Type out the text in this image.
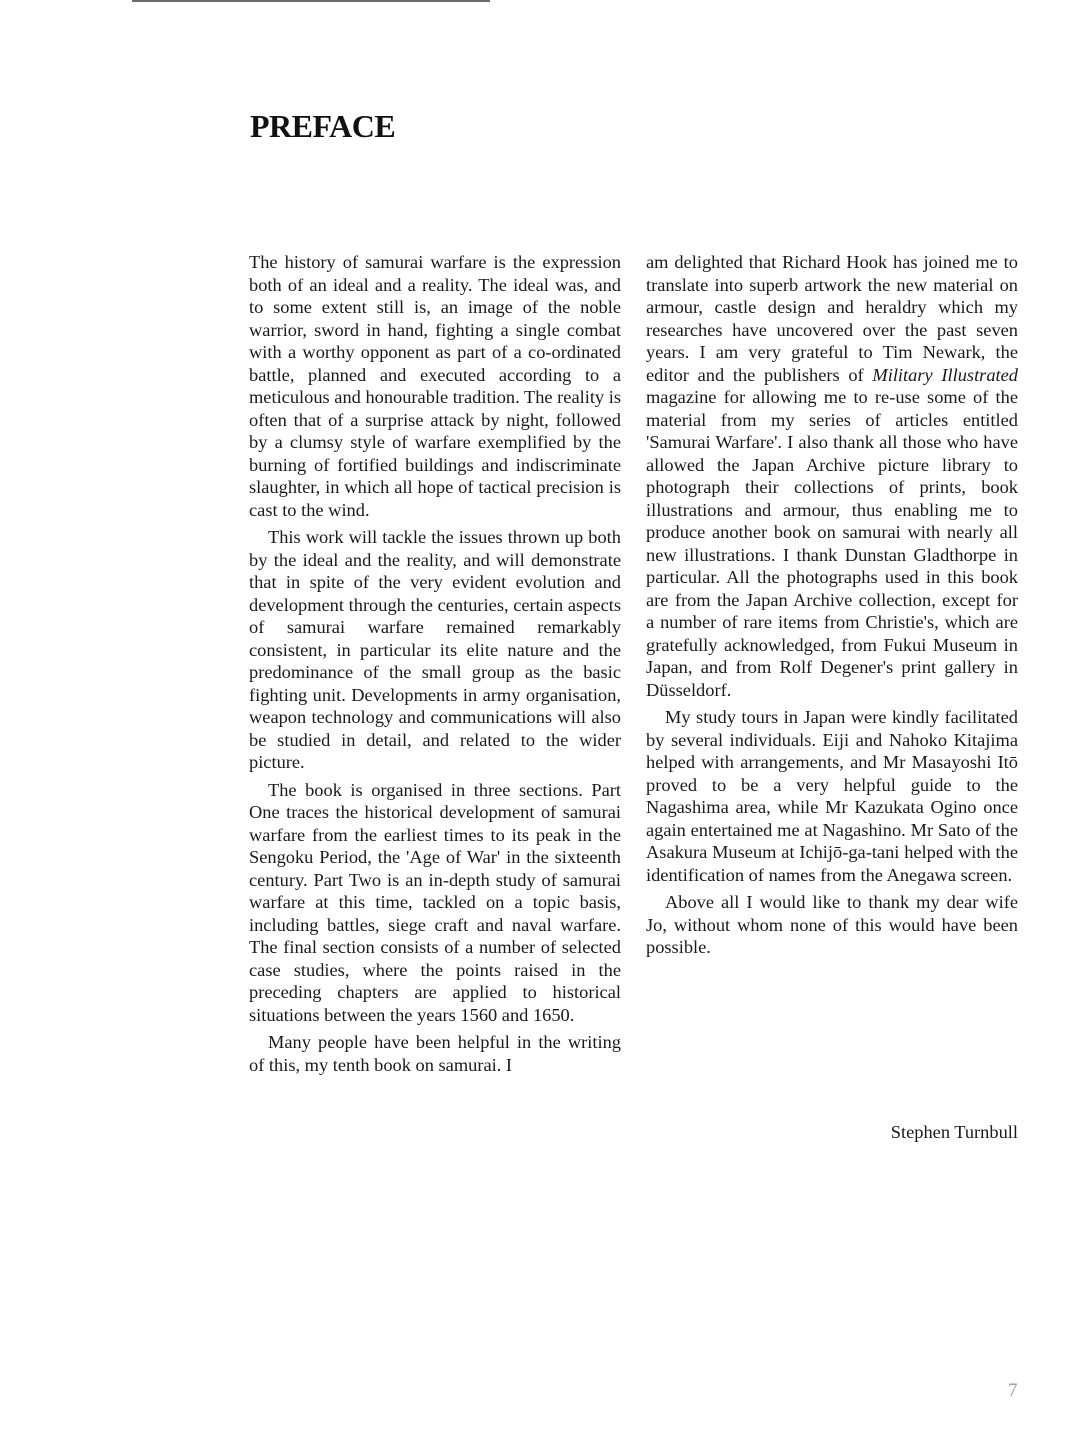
PREFACE

The history of samurai warfare is the expression both of an ideal and a reality. The ideal was, and to some extent still is, an image of the noble warrior, sword in hand, fighting a single combat with a worthy opponent as part of a co-ordinated battle, planned and executed according to a meticulous and honourable tradition. The reality is often that of a surprise attack by night, followed by a clumsy style of warfare exemplified by the burning of fortified buildings and indiscriminate slaughter, in which all hope of tactical precision is cast to the wind.

This work will tackle the issues thrown up both by the ideal and the reality, and will demonstrate that in spite of the very evident evolution and development through the centuries, certain aspects of samurai warfare remained remarkably consistent, in particular its elite nature and the predominance of the small group as the basic fighting unit. Developments in army organisation, weapon technology and communications will also be studied in detail, and related to the wider picture.

The book is organised in three sections. Part One traces the historical development of samurai warfare from the earliest times to its peak in the Sengoku Period, the 'Age of War' in the sixteenth century. Part Two is an in-depth study of samurai warfare at this time, tackled on a topic basis, including battles, siege craft and naval warfare. The final section consists of a number of selected case studies, where the points raised in the preceding chapters are applied to historical situations between the years 1560 and 1650.

Many people have been helpful in the writing of this, my tenth book on samurai. I

am delighted that Richard Hook has joined me to translate into superb artwork the new material on armour, castle design and heraldry which my researches have uncovered over the past seven years. I am very grateful to Tim Newark, the editor and the publishers of Military Illustrated magazine for allowing me to re-use some of the material from my series of articles entitled 'Samurai Warfare'. I also thank all those who have allowed the Japan Archive picture library to photograph their collections of prints, book illustrations and armour, thus enabling me to produce another book on samurai with nearly all new illustrations. I thank Dunstan Gladthorpe in particular. All the photographs used in this book are from the Japan Archive collection, except for a number of rare items from Christie's, which are gratefully acknowledged, from Fukui Museum in Japan, and from Rolf Degener's print gallery in Düsseldorf.

My study tours in Japan were kindly facilitated by several individuals. Eiji and Nahoko Kitajima helped with arrangements, and Mr Masayoshi Itō proved to be a very helpful guide to the Nagashima area, while Mr Kazukata Ogino once again entertained me at Nagashino. Mr Sato of the Asakura Museum at Ichijō-ga-tani helped with the identification of names from the Anegawa screen.

Above all I would like to thank my dear wife Jo, without whom none of this would have been possible.

Stephen Turnbull
7
